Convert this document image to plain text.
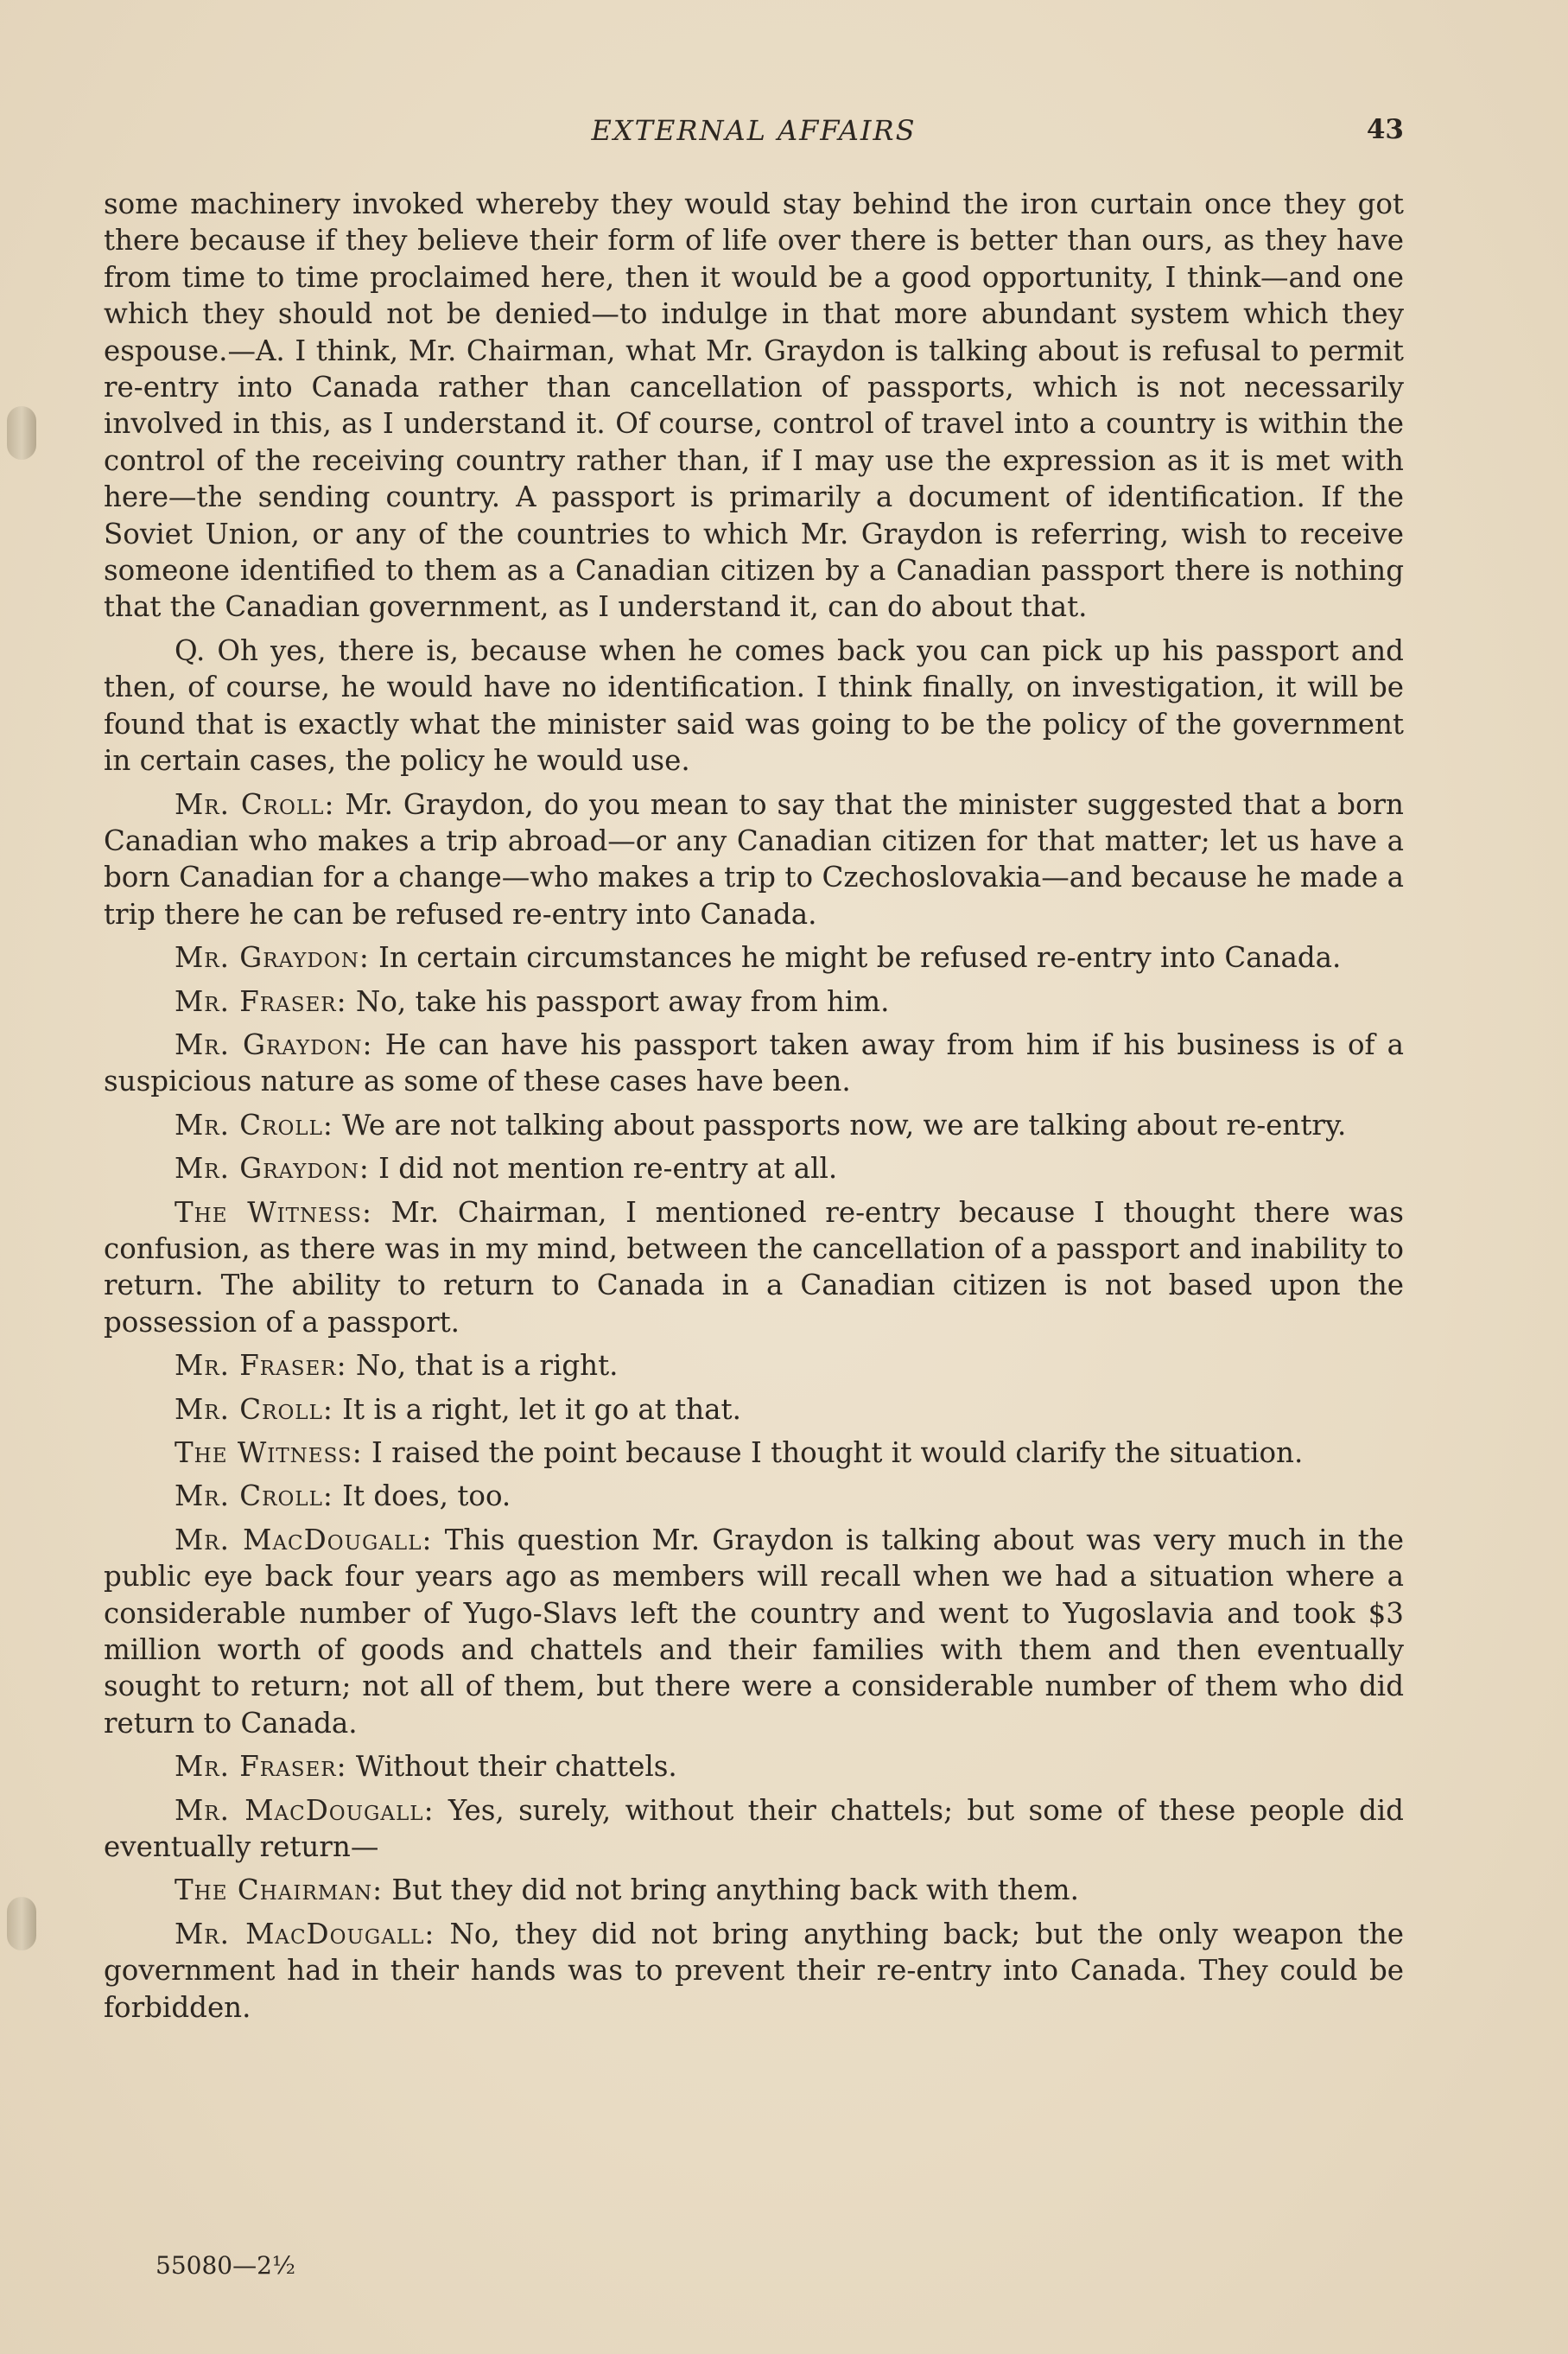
EXTERNAL AFFAIRS	43

some machinery invoked whereby they would stay behind the iron curtain once they got there because if they believe their form of life over there is better than ours, as they have from time to time proclaimed here, then it would be a good opportunity, I think—and one which they should not be denied—to indulge in that more abundant system which they espouse.—A. I think, Mr. Chairman, what Mr. Graydon is talking about is refusal to permit re-entry into Canada rather than cancellation of passports, which is not necessarily involved in this, as I understand it. Of course, control of travel into a country is within the control of the receiving country rather than, if I may use the expression as it is met with here—the sending country. A passport is primarily a document of identification. If the Soviet Union, or any of the countries to which Mr. Graydon is referring, wish to receive someone identified to them as a Canadian citizen by a Canadian passport there is nothing that the Canadian government, as I understand it, can do about that.

Q. Oh yes, there is, because when he comes back you can pick up his passport and then, of course, he would have no identification. I think finally, on investigation, it will be found that is exactly what the minister said was going to be the policy of the government in certain cases, the policy he would use.

Mr. Croll: Mr. Graydon, do you mean to say that the minister suggested that a born Canadian who makes a trip abroad—or any Canadian citizen for that matter; let us have a born Canadian for a change—who makes a trip to Czechoslovakia—and because he made a trip there he can be refused re-entry into Canada.

Mr. Graydon: In certain circumstances he might be refused re-entry into Canada.

Mr. Fraser: No, take his passport away from him.

Mr. Graydon: He can have his passport taken away from him if his business is of a suspicious nature as some of these cases have been.

Mr. Croll: We are not talking about passports now, we are talking about re-entry.

Mr. Graydon: I did not mention re-entry at all.

The Witness: Mr. Chairman, I mentioned re-entry because I thought there was confusion, as there was in my mind, between the cancellation of a passport and inability to return. The ability to return to Canada in a Canadian citizen is not based upon the possession of a passport.

Mr. Fraser: No, that is a right.

Mr. Croll: It is a right, let it go at that.

The Witness: I raised the point because I thought it would clarify the situation.

Mr. Croll: It does, too.

Mr. MacDougall: This question Mr. Graydon is talking about was very much in the public eye back four years ago as members will recall when we had a situation where a considerable number of Yugo-Slavs left the country and went to Yugoslavia and took $3 million worth of goods and chattels and their families with them and then eventually sought to return; not all of them, but there were a considerable number of them who did return to Canada.

Mr. Fraser: Without their chattels.

Mr. MacDougall: Yes, surely, without their chattels; but some of these people did eventually return—

The Chairman: But they did not bring anything back with them.

Mr. MacDougall: No, they did not bring anything back; but the only weapon the government had in their hands was to prevent their re-entry into Canada. They could be forbidden.

55080—2½
